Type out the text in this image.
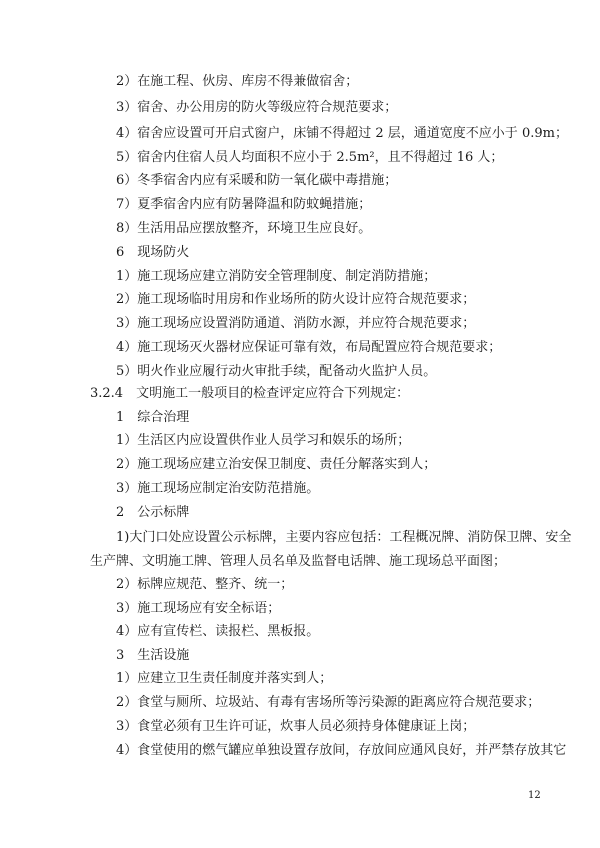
2）在施工程、伙房、库房不得兼做宿舍；
3）宿舍、办公用房的防火等级应符合规范要求；
4）宿舍应设置可开启式窗户，床铺不得超过 2 层，通道宽度不应小于 0.9m；
5）宿舍内住宿人员人均面积不应小于 2.5m²，且不得超过 16 人；
6）冬季宿舍内应有采暖和防一氧化碳中毒措施；
7）夏季宿舍内应有防暑降温和防蚊蝇措施；
8）生活用品应摆放整齐，环境卫生应良好。
6　现场防火
1）施工现场应建立消防安全管理制度、制定消防措施；
2）施工现场临时用房和作业场所的防火设计应符合规范要求；
3）施工现场应设置消防通道、消防水源，并应符合规范要求；
4）施工现场灭火器材应保证可靠有效，布局配置应符合规范要求；
5）明火作业应履行动火审批手续，配备动火监护人员。
3.2.4　文明施工一般项目的检查评定应符合下列规定：
1　综合治理
1）生活区内应设置供作业人员学习和娱乐的场所；
2）施工现场应建立治安保卫制度、责任分解落实到人；
3）施工现场应制定治安防范措施。
2　公示标牌
1)大门口处应设置公示标牌，主要内容应包括：工程概况牌、消防保卫牌、安全
生产牌、文明施工牌、管理人员名单及监督电话牌、施工现场总平面图；
2）标牌应规范、整齐、统一；
3）施工现场应有安全标语；
4）应有宣传栏、读报栏、黑板报。
3　生活设施
1）应建立卫生责任制度并落实到人；
2）食堂与厕所、垃圾站、有毒有害场所等污染源的距离应符合规范要求；
3）食堂必须有卫生许可证，炊事人员必须持身体健康证上岗；
4）食堂使用的燃气罐应单独设置存放间，存放间应通风良好，并严禁存放其它
12
